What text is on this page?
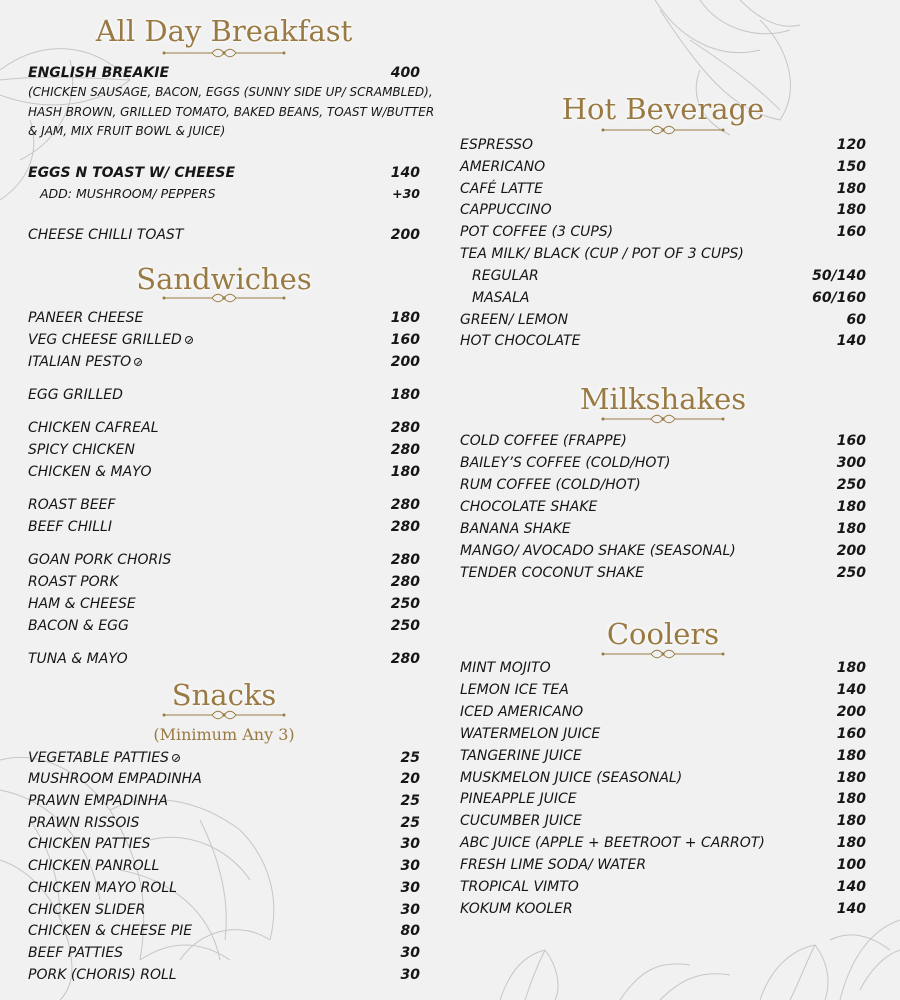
All Day Breakfast
ENGLISH BREAKIE	400
(CHICKEN SAUSAGE, BACON, EGGS (SUNNY SIDE UP/ SCRAMBLED),
HASH BROWN, GRILLED TOMATO, BAKED BEANS, TOAST W/BUTTER
& JAM, MIX FRUIT BOWL & JUICE)
EGGS N TOAST W/ CHEESE	140
ADD: MUSHROOM/ PEPPERS	+30
CHEESE CHILLI TOAST	200
Sandwiches
PANEER CHEESE	180
VEG CHEESE GRILLED	160
ITALIAN PESTO	200
EGG GRILLED	180
CHICKEN CAFREAL	280
SPICY CHICKEN	280
CHICKEN & MAYO	180
ROAST BEEF	280
BEEF CHILLI	280
GOAN PORK CHORIS	280
ROAST PORK	280
HAM & CHEESE	250
BACON & EGG	250
TUNA & MAYO	280
Snacks
(Minimum Any 3)
VEGETABLE PATTIES	25
MUSHROOM EMPADINHA	20
PRAWN EMPADINHA	25
PRAWN RISSOIS	25
CHICKEN PATTIES	30
CHICKEN PANROLL	30
CHICKEN MAYO ROLL	30
CHICKEN SLIDER	30
CHICKEN & CHEESE PIE	80
BEEF PATTIES	30
PORK (CHORIS) ROLL	30
Hot Beverage
ESPRESSO	120
AMERICANO	150
CAFÉ LATTE	180
CAPPUCCINO	180
POT COFFEE (3 CUPS)	160
TEA MILK/ BLACK (CUP / POT OF 3 CUPS)
REGULAR	50/140
MASALA	60/160
GREEN/ LEMON	60
HOT CHOCOLATE	140
Milkshakes
COLD COFFEE (FRAPPE)	160
BAILEY’S COFFEE (COLD/HOT)	300
RUM COFFEE (COLD/HOT)	250
CHOCOLATE SHAKE	180
BANANA SHAKE	180
MANGO/ AVOCADO SHAKE (SEASONAL)	200
TENDER COCONUT SHAKE	250
Coolers
MINT MOJITO	180
LEMON ICE TEA	140
ICED AMERICANO	200
WATERMELON JUICE	160
TANGERINE JUICE	180
MUSKMELON JUICE (SEASONAL)	180
PINEAPPLE JUICE	180
CUCUMBER JUICE	180
ABC JUICE (APPLE + BEETROOT + CARROT)	180
FRESH LIME SODA/ WATER	100
TROPICAL VIMTO	140
KOKUM KOOLER	140
